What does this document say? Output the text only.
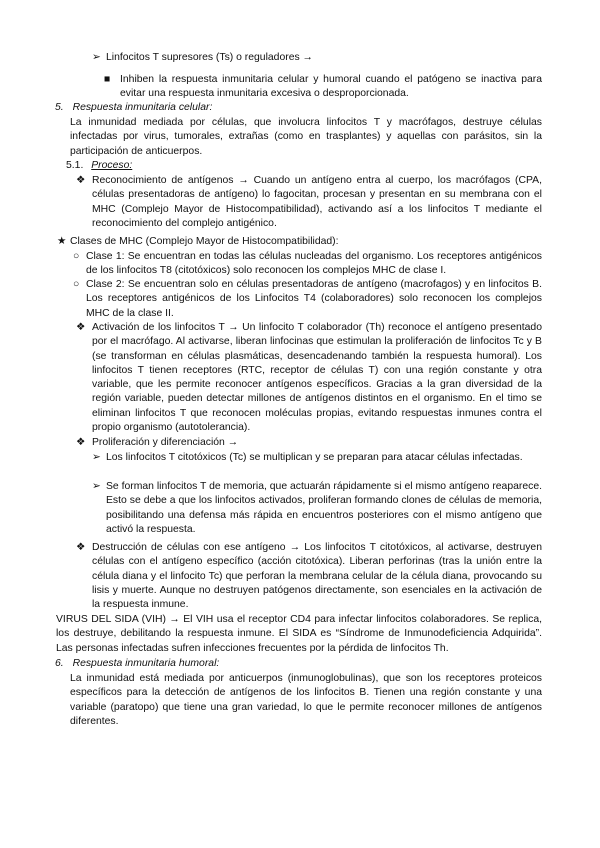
➢ Linfocitos T supresores (Ts) o reguladores →
■ Inhiben la respuesta inmunitaria celular y humoral cuando el patógeno se inactiva para evitar una respuesta inmunitaria excesiva o desproporcionada.
5. Respuesta inmunitaria celular:
La inmunidad mediada por células, que involucra linfocitos T y macrófagos, destruye células infectadas por virus, tumorales, extrañas (como en trasplantes) y aquellas con parásitos, sin la participación de anticuerpos.
5.1. Proceso:
❖ Reconocimiento de antígenos → Cuando un antígeno entra al cuerpo, los macrófagos (CPA, células presentadoras de antígeno) lo fagocitan, procesan y presentan en su membrana con el MHC (Complejo Mayor de Histocompatibilidad), activando así a los linfocitos T mediante el reconocimiento del complejo antigénico.
★ Clases de MHC (Complejo Mayor de Histocompatibilidad):
○ Clase 1: Se encuentran en todas las células nucleadas del organismo. Los receptores antigénicos de los linfocitos T8 (citotóxicos) solo reconocen los complejos MHC de clase I.
○ Clase 2: Se encuentran solo en células presentadoras de antígeno (macrofagos) y en linfocitos B. Los receptores antigénicos de los Linfocitos T4 (colaboradores) solo reconocen los complejos MHC de la clase II.
❖ Activación de los linfocitos T → Un linfocito T colaborador (Th) reconoce el antígeno presentado por el macrófago. Al activarse, liberan linfocinas que estimulan la proliferación de linfocitos Tc y B (se transforman en células plasmáticas, desencadenando también la respuesta humoral). Los linfocitos T tienen receptores (RTC, receptor de células T) con una región constante y otra variable, que les permite reconocer antígenos específicos. Gracias a la gran diversidad de la región variable, pueden detectar millones de antígenos distintos en el organismo. En el timo se eliminan linfocitos T que reconocen moléculas propias, evitando respuestas inmunes contra el propio organismo (autotolerancia).
❖ Proliferación y diferenciación →
➢ Los linfocitos T citotóxicos (Tc) se multiplican y se preparan para atacar células infectadas.
➢ Se forman linfocitos T de memoria, que actuarán rápidamente si el mismo antígeno reaparece. Esto se debe a que los linfocitos activados, proliferan formando clones de células de memoria, posibilitando una defensa más rápida en encuentros posteriores con el mismo antígeno que activó la respuesta.
❖ Destrucción de células con ese antígeno → Los linfocitos T citotóxicos, al activarse, destruyen células con el antígeno específico (acción citotóxica). Liberan perforinas (tras la unión entre la célula diana y el linfocito Tc) que perforan la membrana celular de la célula diana, provocando su lisis y muerte. Aunque no destruyen patógenos directamente, son esenciales en la activación de la respuesta inmune.
VIRUS DEL SIDA (VIH) → El VIH usa el receptor CD4 para infectar linfocitos colaboradores. Se replica, los destruye, debilitando la respuesta inmune. El SIDA es “Síndrome de Inmunodeficiencia Adquirida”. Las personas infectadas sufren infecciones frecuentes por la pérdida de linfocitos Th.
6. Respuesta inmunitaria humoral:
La inmunidad está mediada por anticuerpos (inmunoglobulinas), que son los receptores proteicos específicos para la detección de antígenos de los linfocitos B. Tienen una región constante y una variable (paratopo) que tiene una gran variedad, lo que le permite reconocer millones de antígenos diferentes.
